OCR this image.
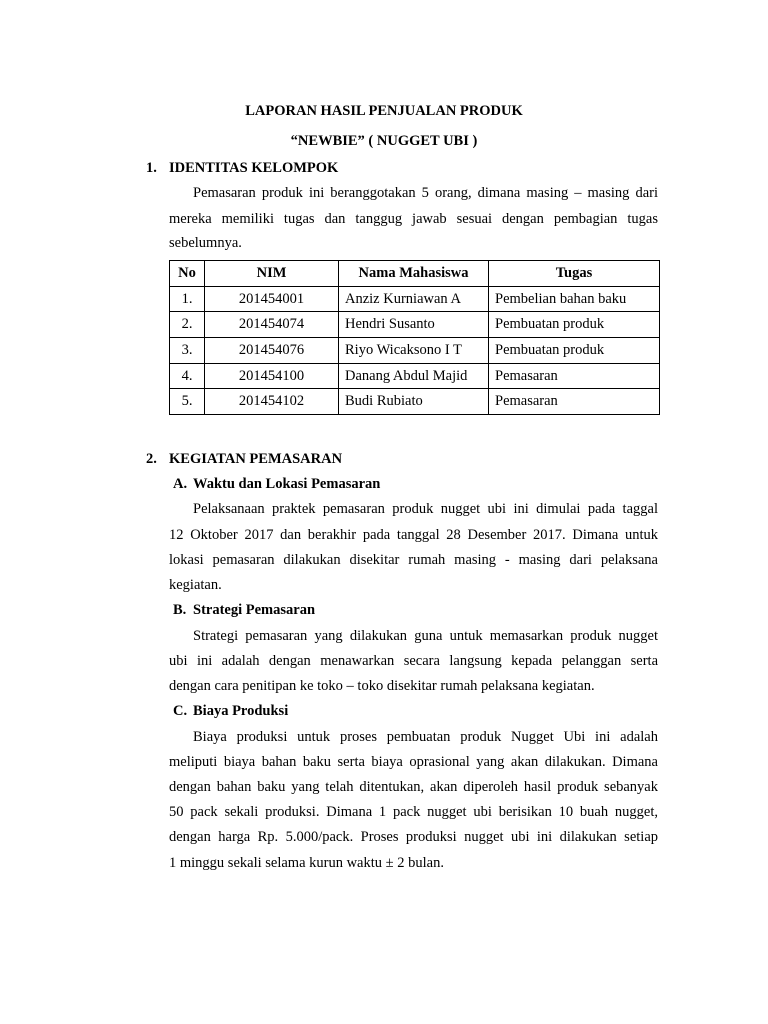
LAPORAN HASIL PENJUALAN PRODUK
“NEWBIE” ( NUGGET UBI )
1. IDENTITAS KELOMPOK
Pemasaran produk ini beranggotakan 5 orang, dimana masing – masing dari
mereka memiliki tugas dan tanggug jawab sesuai dengan pembagian tugas
sebelumnya.
No	NIM	Nama Mahasiswa	Tugas
1.	201454001	Anziz Kurniawan A	Pembelian bahan baku
2.	201454074	Hendri Susanto	Pembuatan produk
3.	201454076	Riyo Wicaksono I T	Pembuatan produk
4.	201454100	Danang Abdul Majid	Pemasaran
5.	201454102	Budi Rubiato	Pemasaran
2. KEGIATAN PEMASARAN
A. Waktu dan Lokasi Pemasaran
Pelaksanaan praktek pemasaran produk nugget ubi ini dimulai pada taggal
12 Oktober 2017 dan berakhir pada tanggal 28 Desember 2017. Dimana untuk
lokasi pemasaran dilakukan disekitar rumah masing - masing dari pelaksana
kegiatan.
B. Strategi Pemasaran
Strategi pemasaran yang dilakukan guna untuk memasarkan produk nugget
ubi ini adalah dengan menawarkan secara langsung kepada pelanggan serta
dengan cara penitipan ke toko – toko disekitar rumah pelaksana kegiatan.
C. Biaya Produksi
Biaya produksi untuk proses pembuatan produk Nugget Ubi ini adalah
meliputi biaya bahan baku serta biaya oprasional yang akan dilakukan. Dimana
dengan bahan baku yang telah ditentukan, akan diperoleh hasil produk sebanyak
50 pack sekali produksi. Dimana 1 pack nugget ubi berisikan 10 buah nugget,
dengan harga Rp. 5.000/pack. Proses produksi nugget ubi ini dilakukan setiap
1 minggu sekali selama kurun waktu ± 2 bulan.
